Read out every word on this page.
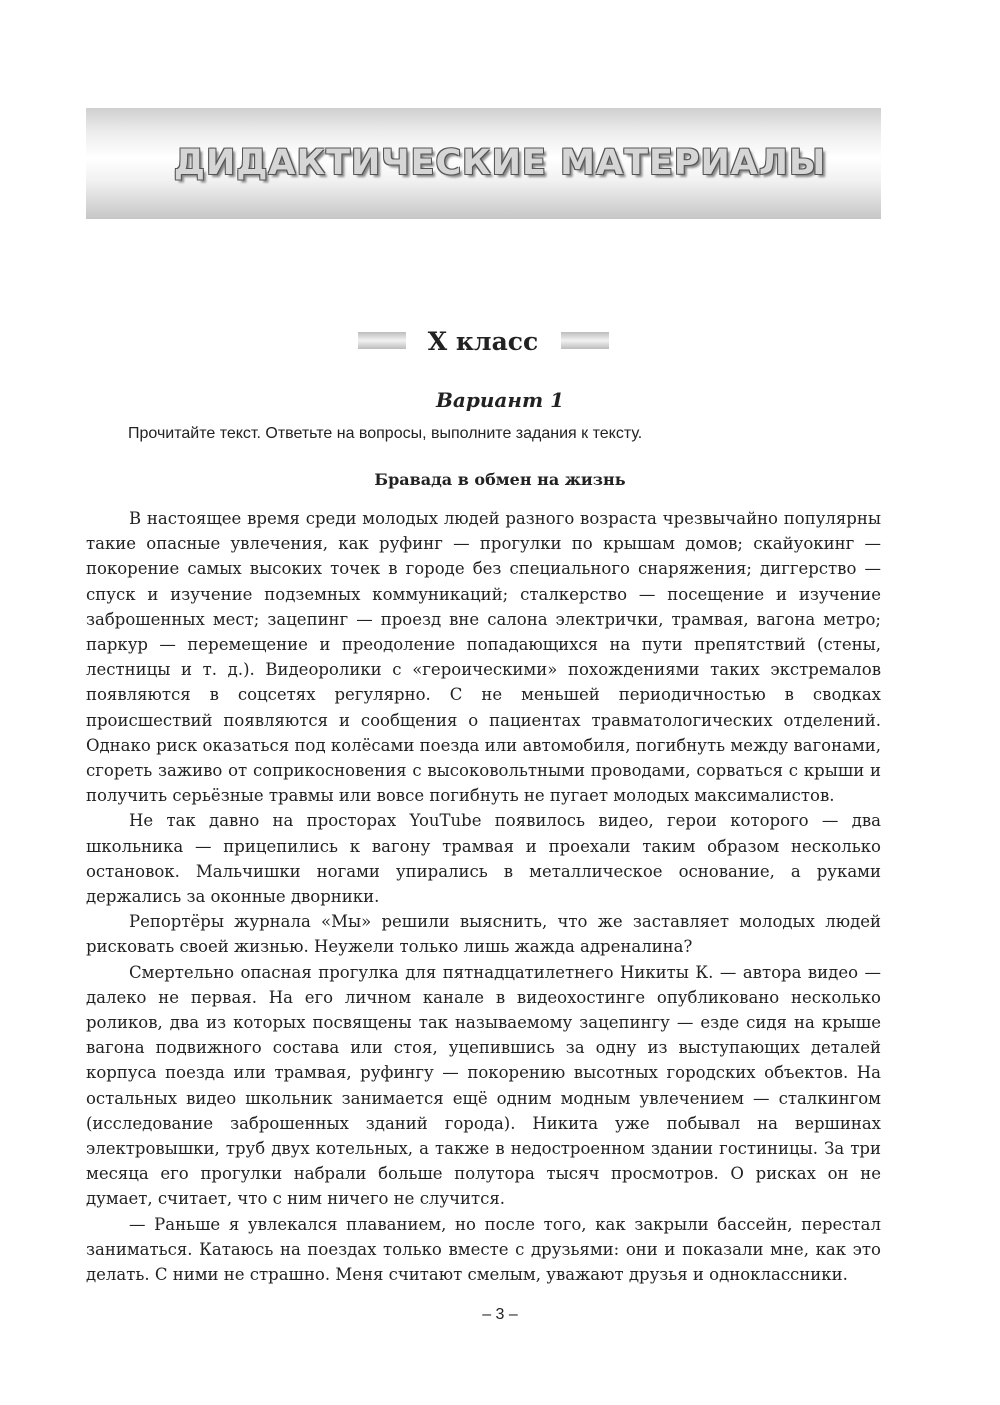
ДИДАКТИЧЕСКИЕ МАТЕРИАЛЫ
X класс
Вариант 1
Прочитайте текст. Ответьте на вопросы, выполните задания к тексту.
Бравада в обмен на жизнь

В настоящее время среди молодых людей разного возраста чрезвычайно популярны такие опасные увлечения, как руфинг — прогулки по крышам домов; скайуокинг — покорение самых высоких точек в городе без специального снаряжения; диггерство — спуск и изучение подземных коммуникаций; сталкерство — посещение и изучение заброшенных мест; зацепинг — проезд вне салона электрички, трамвая, вагона метро; паркур — перемещение и преодоление попадающихся на пути препятствий (стены, лестницы и т. д.). Видеоролики с «героическими» похождениями таких экстремалов появляются в соцсетях регулярно. С не меньшей периодичностью в сводках происшествий появляются и сообщения о пациентах травматологических отделений. Однако риск оказаться под колёсами поезда или автомобиля, погибнуть между вагонами, сгореть заживо от соприкосновения с высоковольтными проводами, сорваться с крыши и получить серьёзные травмы или вовсе погибнуть не пугает молодых максималистов.

Не так давно на просторах YouTube появилось видео, герои которого — два школьника — прицепились к вагону трамвая и проехали таким образом несколько остановок. Мальчишки ногами упирались в металлическое основание, а руками держались за оконные дворники.

Репортёры журнала «Мы» решили выяснить, что же заставляет молодых людей рисковать своей жизнью. Неужели только лишь жажда адреналина?

Смертельно опасная прогулка для пятнадцатилетнего Никиты К. — автора видео — далеко не первая. На его личном канале в видеохостинге опубликовано несколько роликов, два из которых посвящены так называемому зацепингу — езде сидя на крыше вагона подвижного состава или стоя, уцепившись за одну из выступающих деталей корпуса поезда или трамвая, руфингу — покорению высотных городских объектов. На остальных видео школьник занимается ещё одним модным увлечением — сталкингом (исследование заброшенных зданий города). Никита уже побывал на вершинах электровышки, труб двух котельных, а также в недостроенном здании гостиницы. За три месяца его прогулки набрали больше полутора тысяч просмотров. О рисках он не думает, считает, что с ним ничего не случится.

— Раньше я увлекался плаванием, но после того, как закрыли бассейн, перестал заниматься. Катаюсь на поездах только вместе с друзьями: они и показали мне, как это делать. С ними не страшно. Меня считают смелым, уважают друзья и одноклассники.

– 3 –
